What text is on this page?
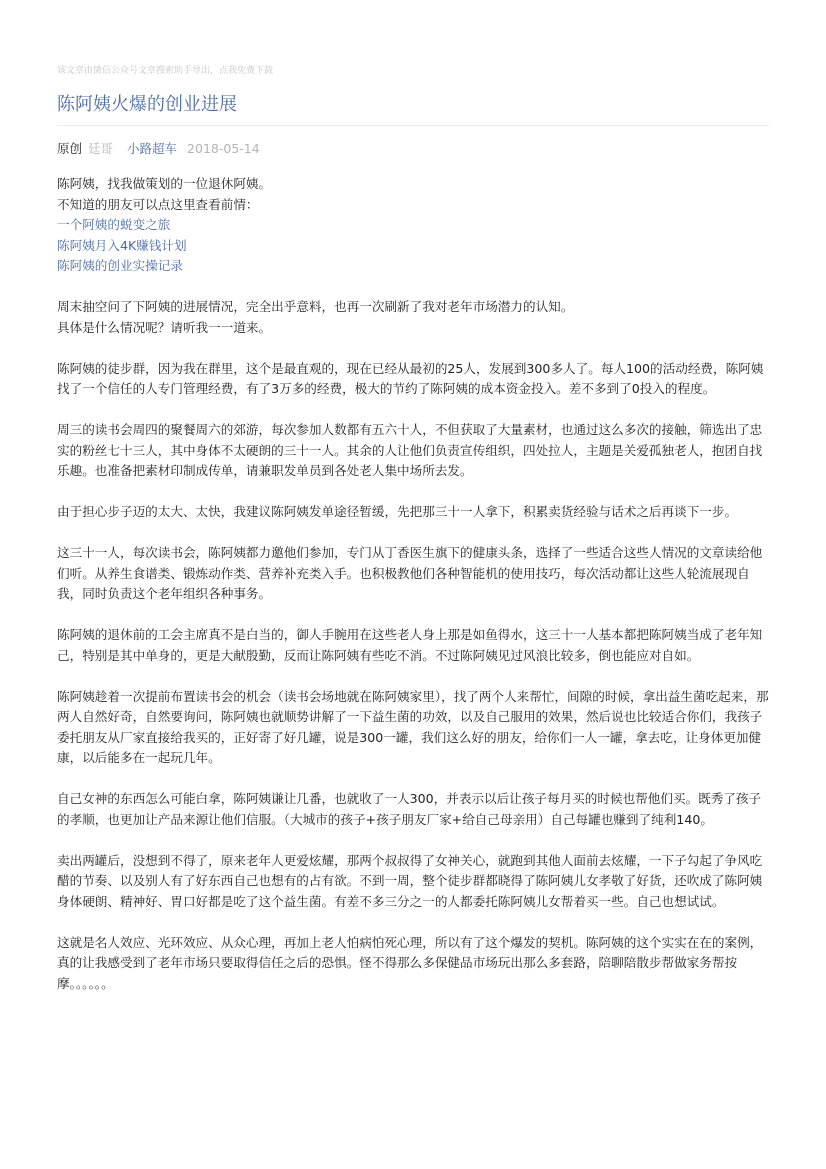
该文章由微信公众号文章搜索助手导出，点我免费下载
陈阿姨火爆的创业进展
原创 廷哥 小路超车 2018-05-14

陈阿姨，找我做策划的一位退休阿姨。
不知道的朋友可以点这里查看前情：
一个阿姨的蜕变之旅
陈阿姨月入4K赚钱计划
陈阿姨的创业实操记录

周末抽空问了下阿姨的进展情况，完全出乎意料，也再一次刷新了我对老年市场潜力的认知。
具体是什么情况呢？请听我一一道来。

陈阿姨的徒步群，因为我在群里，这个是最直观的，现在已经从最初的25人，发展到300多人了。每人100的活动经费，陈阿姨找了一个信任的人专门管理经费，有了3万多的经费，极大的节约了陈阿姨的成本资金投入。差不多到了0投入的程度。

周三的读书会周四的聚餐周六的郊游，每次参加人数都有五六十人，不但获取了大量素材，也通过这么多次的接触，筛选出了忠实的粉丝七十三人，其中身体不太硬朗的三十一人。其余的人让他们负责宣传组织，四处拉人，主题是关爱孤独老人，抱团自找乐趣。也准备把素材印制成传单，请兼职发单员到各处老人集中场所去发。

由于担心步子迈的太大、太快，我建议陈阿姨发单途径暂缓，先把那三十一人拿下，积累卖货经验与话术之后再谈下一步。

这三十一人，每次读书会，陈阿姨都力邀他们参加，专门从丁香医生旗下的健康头条，选择了一些适合这些人情况的文章读给他们听。从养生食谱类、锻炼动作类、营养补充类入手。也积极教他们各种智能机的使用技巧，每次活动都让这些人轮流展现自我，同时负责这个老年组织各种事务。

陈阿姨的退休前的工会主席真不是白当的，御人手腕用在这些老人身上那是如鱼得水，这三十一人基本都把陈阿姨当成了老年知己，特别是其中单身的，更是大献殷勤，反而让陈阿姨有些吃不消。不过陈阿姨见过风浪比较多，倒也能应对自如。

陈阿姨趁着一次提前布置读书会的机会（读书会场地就在陈阿姨家里），找了两个人来帮忙，间隙的时候，拿出益生菌吃起来，那两人自然好奇，自然要询问，陈阿姨也就顺势讲解了一下益生菌的功效，以及自己服用的效果，然后说也比较适合你们，我孩子委托朋友从厂家直接给我买的，正好寄了好几罐，说是300一罐，我们这么好的朋友，给你们一人一罐，拿去吃，让身体更加健康，以后能多在一起玩几年。

自己女神的东西怎么可能白拿，陈阿姨谦让几番，也就收了一人300，并表示以后让孩子每月买的时候也帮他们买。既秀了孩子的孝顺，也更加让产品来源让他们信服。（大城市的孩子+孩子朋友厂家+给自己母亲用）自己每罐也赚到了纯利140。

卖出两罐后，没想到不得了，原来老年人更爱炫耀，那两个叔叔得了女神关心，就跑到其他人面前去炫耀，一下子勾起了争风吃醋的节奏、以及别人有了好东西自己也想有的占有欲。不到一周，整个徒步群都晓得了陈阿姨儿女孝敬了好货，还吹成了陈阿姨身体硬朗、精神好、胃口好都是吃了这个益生菌。有差不多三分之一的人都委托陈阿姨儿女帮着买一些。自己也想试试。

这就是名人效应、光环效应、从众心理，再加上老人怕病怕死心理，所以有了这个爆发的契机。陈阿姨的这个实实在在的案例，真的让我感受到了老年市场只要取得信任之后的恐惧。怪不得那么多保健品市场玩出那么多套路，陪聊陪散步帮做家务帮按摩。。。。。。
